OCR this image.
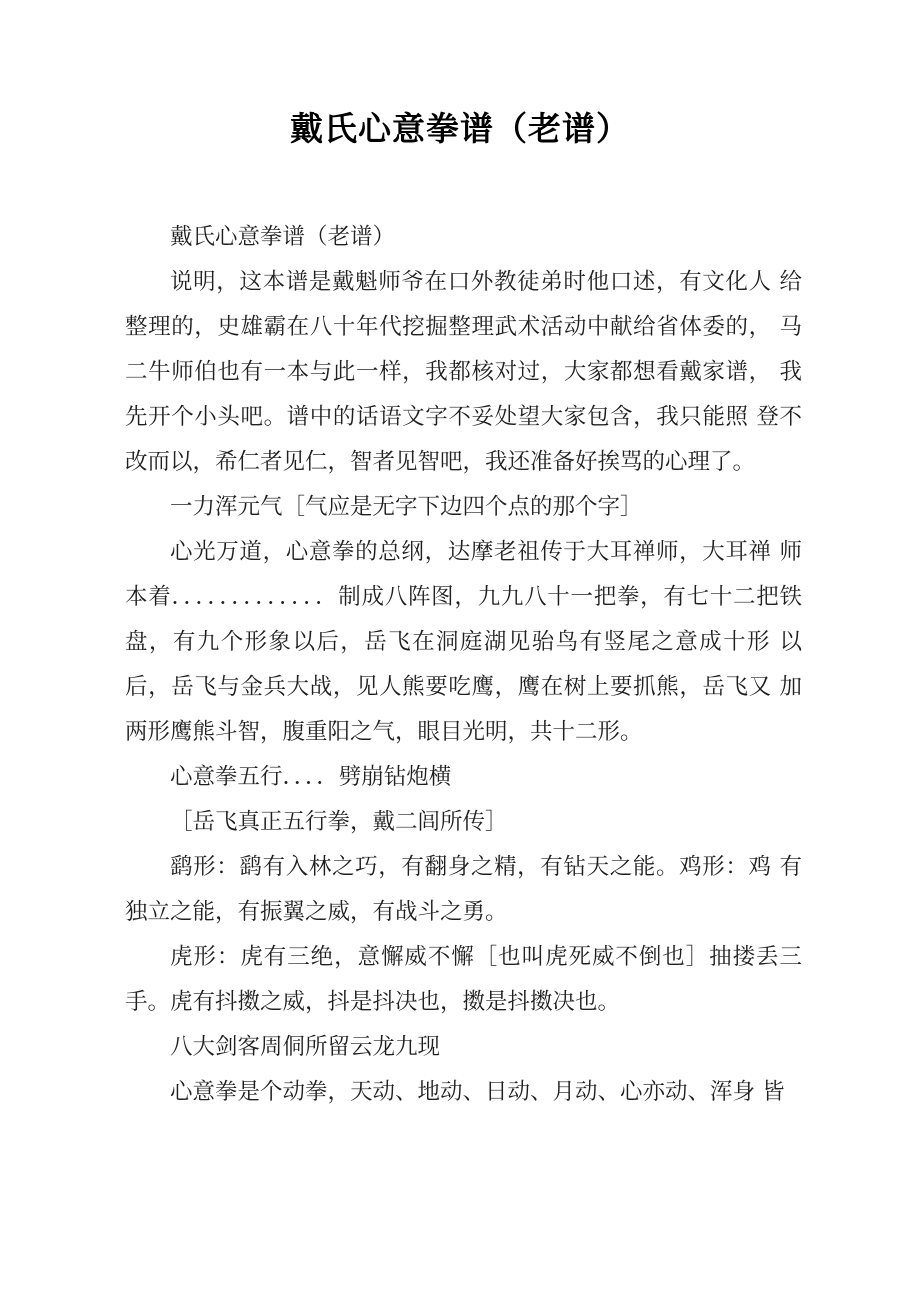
戴氏心意拳谱（老谱）

戴氏心意拳谱（老谱）

说明，这本谱是戴魁师爷在口外教徒弟时他口述，有文化人 给整理的，史雄霸在八十年代挖掘整理武术活动中献给省体委的， 马二牛师伯也有一本与此一样，我都核对过，大家都想看戴家谱， 我先开个小头吧。谱中的话语文字不妥处望大家包含，我只能照 登不改而以，希仁者见仁，智者见智吧，我还准备好挨骂的心理了。

一力浑元气［气应是无字下边四个点的那个字］

心光万道，心意拳的总纲，达摩老祖传于大耳禅师，大耳禅 师本着．．．．．．．．．．．．．制成八阵图，九九八十一把拳，有七十二把铁盘，有九个形象以后，岳飞在洞庭湖见骀鸟有竖尾之意成十形 以后，岳飞与金兵大战，见人熊要吃鹰，鹰在树上要抓熊，岳飞又 加两形鹰熊斗智，腹重阳之气，眼目光明，共十二形。

心意拳五行．．．．劈崩钻炮横

［岳飞真正五行拳，戴二闾所传］

鹞形：鹞有入林之巧，有翻身之精，有钻天之能。鸡形：鸡 有独立之能，有振翼之威，有战斗之勇。

虎形：虎有三绝，意懈威不懈［也叫虎死威不倒也］抽搂丢三手。虎有抖擞之威，抖是抖决也，擞是抖擞决也。

八大剑客周侗所留云龙九现

心意拳是个动拳，天动、地动、日动、月动、心亦动、浑身 皆
